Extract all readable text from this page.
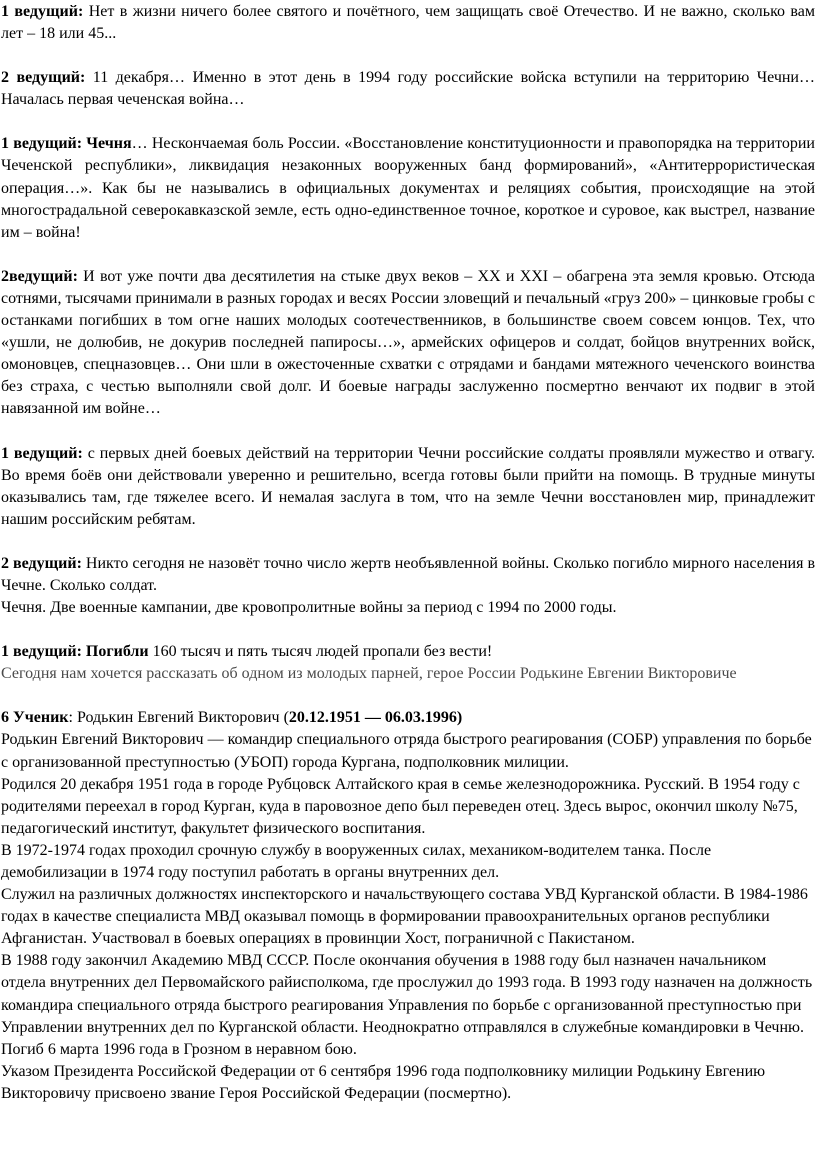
1 ведущий: Нет в жизни ничего более святого и почётного, чем защищать своё Отечество. И не важно, сколько вам лет – 18 или 45...

2 ведущий: 11 декабря… Именно в этот день в 1994 году российские войска вступили на территорию Чечни… Началась первая чеченская война…

1 ведущий: Чечня… Нескончаемая боль России. «Восстановление конституционности и правопорядка на территории Чеченской республики», ликвидация незаконных вооруженных банд формирований», «Антитеррористическая операция…». Как бы не назывались в официальных документах и реляциях события, происходящие на этой многострадальной северокавказской земле, есть одно-единственное точное, короткое и суровое, как выстрел, название им – война!

2ведущий: И вот уже почти два десятилетия на стыке двух веков – XX и XXI – обагрена эта земля кровью. Отсюда сотнями, тысячами принимали в разных городах и весях России зловещий и печальный «груз 200» – цинковые гробы с останками погибших в том огне наших молодых соотечественников, в большинстве своем совсем юнцов. Тех, что «ушли, не долюбив, не докурив последней папиросы…», армейских офицеров и солдат, бойцов внутренних войск, омоновцев, спецназовцев… Они шли в ожесточенные схватки с отрядами и бандами мятежного чеченского воинства без страха, с честью выполняли свой долг. И боевые награды заслуженно посмертно венчают их подвиг в этой навязанной им войне…

1 ведущий: с первых дней боевых действий на территории Чечни российские солдаты проявляли мужество и отвагу. Во время боёв они действовали уверенно и решительно, всегда готовы были прийти на помощь. В трудные минуты оказывались там, где тяжелее всего. И немалая заслуга в том, что на земле Чечни восстановлен мир, принадлежит нашим российским ребятам.

2 ведущий: Никто сегодня не назовёт точно число жертв необъявленной войны. Сколько погибло мирного населения в Чечне. Сколько солдат.

Чечня. Две военные кампании, две кровопролитные войны за период с 1994 по 2000 годы.

1 ведущий: Погибли 160 тысяч и пять тысяч людей пропали без вести!

Сегодня нам хочется рассказать об одном из молодых парней, герое России Родькине Евгении Викторовиче

6 Ученик: Родькин Евгений Викторович (20.12.1951 — 06.03.1996)

Родькин Евгений Викторович — командир специального отряда быстрого реагирования (СОБР) управления по борьбе с организованной преступностью (УБОП) города Кургана, подполковник милиции.

Родился 20 декабря 1951 года в городе Рубцовск Алтайского края в семье железнодорожника. Русский. В 1954 году с родителями переехал в город Курган, куда в паровозное депо был переведен отец. Здесь вырос, окончил школу №75, педагогический институт, факультет физического воспитания.

В 1972-1974 годах проходил срочную службу в вооруженных силах, механиком-водителем танка. После демобилизации в 1974 году поступил работать в органы внутренних дел.

Служил на различных должностях инспекторского и начальствующего состава УВД Курганской области. В 1984-1986 годах в качестве специалиста МВД оказывал помощь в формировании правоохранительных органов республики Афганистан. Участвовал в боевых операциях в провинции Хост, пограничной с Пакистаном.

В 1988 году закончил Академию МВД СССР. После окончания обучения в 1988 году был назначен начальником отдела внутренних дел Первомайского райисполкома, где прослужил до 1993 года. В 1993 году назначен на должность командира специального отряда быстрого реагирования Управления по борьбе с организованной преступностью при Управлении внутренних дел по Курганской области. Неоднократно отправлялся в служебные командировки в Чечню. Погиб 6 марта 1996 года в Грозном в неравном бою.

Указом Президента Российской Федерации от 6 сентября 1996 года подполковнику милиции Родькину Евгению Викторовичу присвоено звание Героя Российской Федерации (посмертно).
